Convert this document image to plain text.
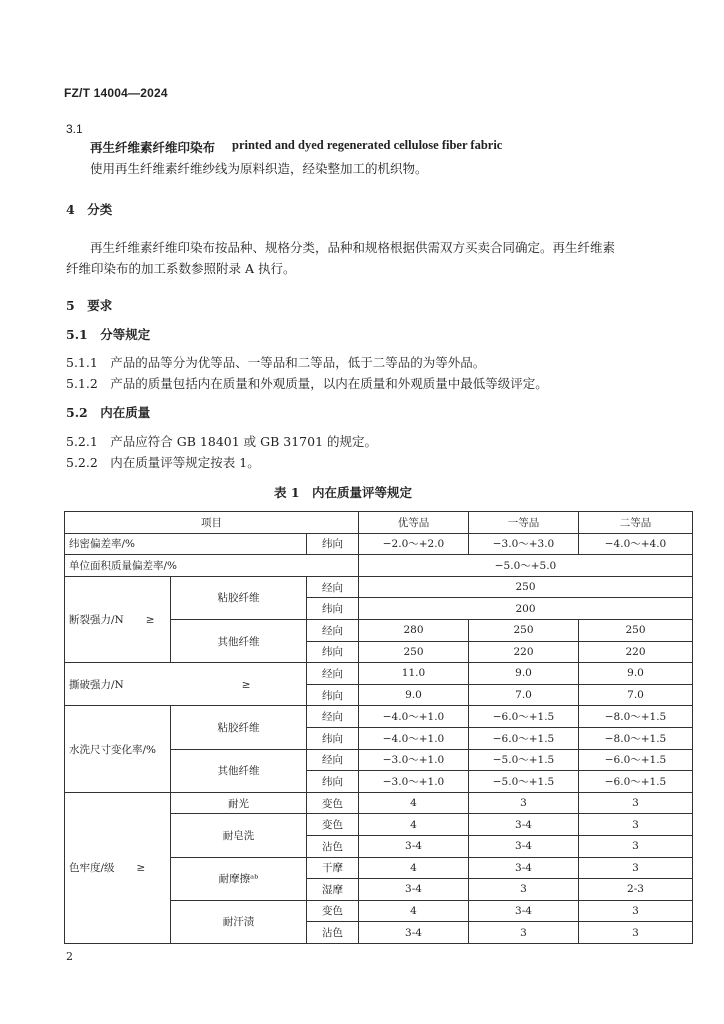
FZ/T 14004—2024
3.1
再生纤维素纤维印染布 printed and dyed regenerated cellulose fiber fabric
使用再生纤维素纤维纱线为原料织造，经染整加工的机织物。
4　分类
再生纤维素纤维印染布按品种、规格分类，品种和规格根据供需双方买卖合同确定。再生纤维素
纤维印染布的加工系数参照附录 A 执行。
5　要求
5.1　分等规定
5.1.1　产品的品等分为优等品、一等品和二等品，低于二等品的为等外品。
5.1.2　产品的质量包括内在质量和外观质量，以内在质量和外观质量中最低等级评定。
5.2　内在质量
5.2.1　产品应符合 GB 18401 或 GB 31701 的规定。
5.2.2　内在质量评等规定按表 1。
表 1　内在质量评等规定
项目			优等品	一等品	二等品
纬密偏差率/%		纬向	−2.0～+2.0	−3.0～+3.0	−4.0～+4.0
单位面积质量偏差率/%			−5.0～+5.0		
断裂强力/N ≥	粘胶纤维	经向	250		
		纬向	200		
	其他纤维	经向	280	250	250
		纬向	250	220	220
撕破强力/N ≥		经向	11.0	9.0	9.0
		纬向	9.0	7.0	7.0
水洗尺寸变化率/%	粘胶纤维	经向	−4.0～+1.0	−6.0～+1.5	−8.0～+1.5
		纬向	−4.0～+1.0	−6.0～+1.5	−8.0～+1.5
	其他纤维	经向	−3.0～+1.0	−5.0～+1.5	−6.0～+1.5
		纬向	−3.0～+1.0	−5.0～+1.5	−6.0～+1.5
色牢度/级 ≥	耐光	变色	4	3	3
	耐皂洗	变色	4	3-4	3
		沾色	3-4	3-4	3
	耐摩擦ᵃᵇ	干摩	4	3-4	3
		湿摩	3-4	3	2-3
	耐汗渍	变色	4	3-4	3
		沾色	3-4	3	3
2
